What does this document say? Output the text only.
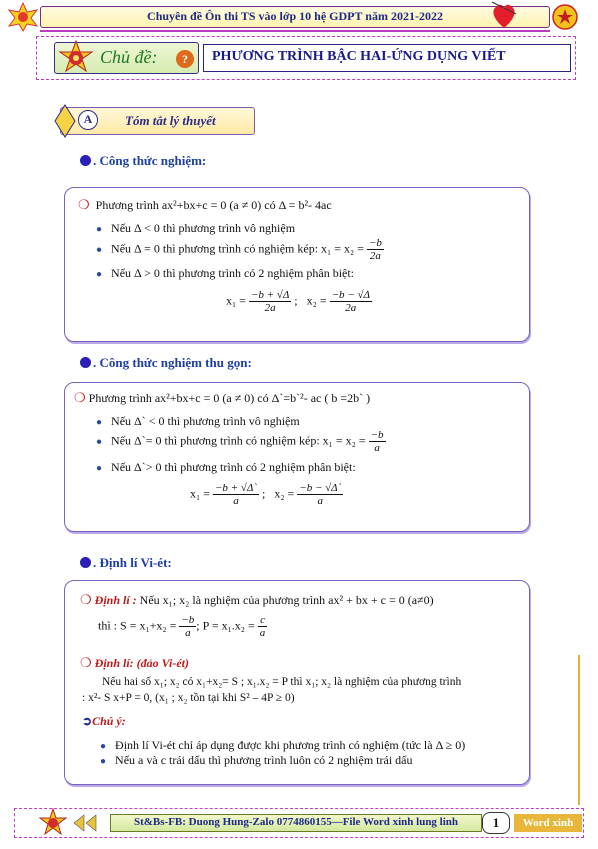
Chuyên đề Ôn thi TS vào lớp 10 hệ GDPT năm 2021-2022
Chủ đề:	?	PHƯƠNG TRÌNH BẬC HAI-ỨNG DỤNG VIẾT
A	Tóm tắt lý thuyết
. Công thức nghiệm:
❍ Phương trình ax²+bx+c = 0 (a ≠ 0) có Δ = b²- 4ac
● Nếu Δ < 0 thì phương trình vô nghiệm
● Nếu Δ = 0 thì phương trình có nghiệm kép: $x_1 = x_2 = \frac{-b}{2a}$
● Nếu Δ > 0 thì phương trình có 2 nghiệm phân biệt:
$x_1 = \frac{-b + √\Delta}{2a}$ ; $x_2 = \frac{-b - √\Delta}{2a}$
. Công thức nghiệm thu gọn:
❍ Phương trình ax²+bx+c = 0 (a ≠ 0) có Δ`=b`²- ac ( b =2b` )
● Nếu Δ` < 0 thì phương trình vô nghiệm
● Nếu Δ`= 0 thì phương trình có nghiệm kép: $x_1 = x_2 = \frac{-b}{a}$
● Nếu Δ`> 0 thì phương trình có 2 nghiệm phân biệt:
$x_1 = \frac{-b + √\Delta`}{a}$ ; $x_2 = \frac{-b - √\Delta`}{a}$
. Định lí Vi-ét:
❍ Định lí : Nếu x₁; x₂ là nghiệm của phương trình ax² + bx + c = 0 (a≠0)
thì : $S = x_1+x_2 = \frac{-b}{a}$ ; $P = x_1.x_2 = \frac{c}{a}$
❍ Định lí: (đảo Vi-ét)
Nếu hai số x₁; x₂ có x₁+x₂= S ; x₁.x₂ = P thì x₁; x₂ là nghiệm của phương trình
: x²- S x+P = 0, (x₁ ; x₂ tồn tại khi S² – 4P ≥ 0)
➲Chú ý:
● Định lí Vi-ét chỉ áp dụng được khi phương trình có nghiệm (tức là Δ ≥ 0)
● Nếu a và c trái dấu thì phương trình luôn có 2 nghiệm trái dấu
St&Bs-FB: Duong Hung-Zalo 0774860155—File Word xinh lung linh	1	Word xinh
